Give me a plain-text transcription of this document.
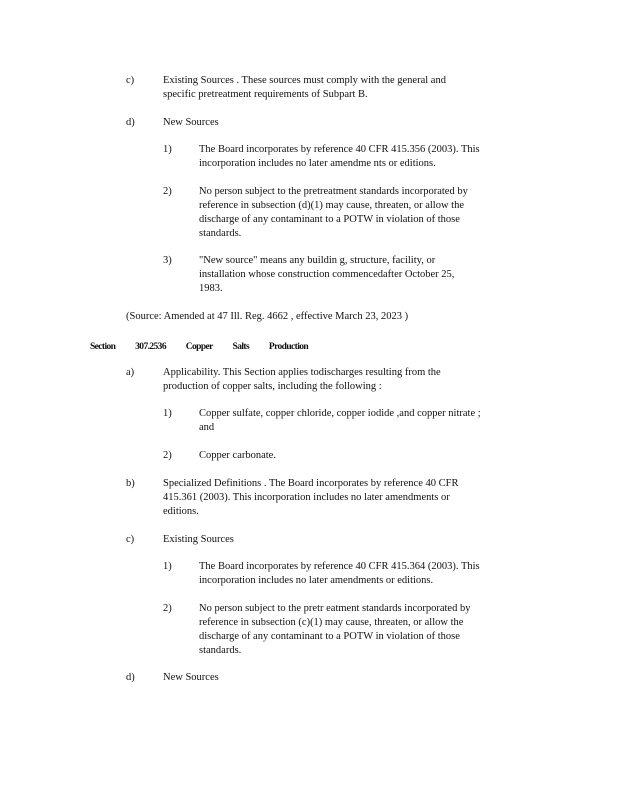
c)	Existing Sources . These sources must comply with the general and
specific pretreatment requirements of Subpart B.
d)	New Sources
1)	The Board incorporates by reference 40 CFR 415.356 (2003). This
incorporation includes no later amendme nts or editions.
2)	No person subject to the pretreatment standards incorporated by
reference in subsection (d)(1) may cause, threaten, or allow the
discharge of any contaminant to a POTW in violation of those
standards.
3)	"New source" means any buildin g, structure, facility, or
installation whose construction commencedafter October 25,
1983.
(Source: Amended at 47 Ill. Reg. 4662 , effective March 23, 2023 )
Section 307.2536 Copper Salts Production
a)	Applicability. This Section applies todischarges resulting from the
production of copper salts, including the following :
1)	Copper sulfate, copper chloride, copper iodide ,and copper nitrate ;
and
2)	Copper carbonate.
b)	Specialized Definitions . The Board incorporates by reference 40 CFR
415.361 (2003). This incorporation includes no later amendments or
editions.
c)	Existing Sources
1)	The Board incorporates by reference 40 CFR 415.364 (2003). This
incorporation includes no later amendments or editions.
2)	No person subject to the pretr eatment standards incorporated by
reference in subsection (c)(1) may cause, threaten, or allow the
discharge of any contaminant to a POTW in violation of those
standards.
d)	New Sources
